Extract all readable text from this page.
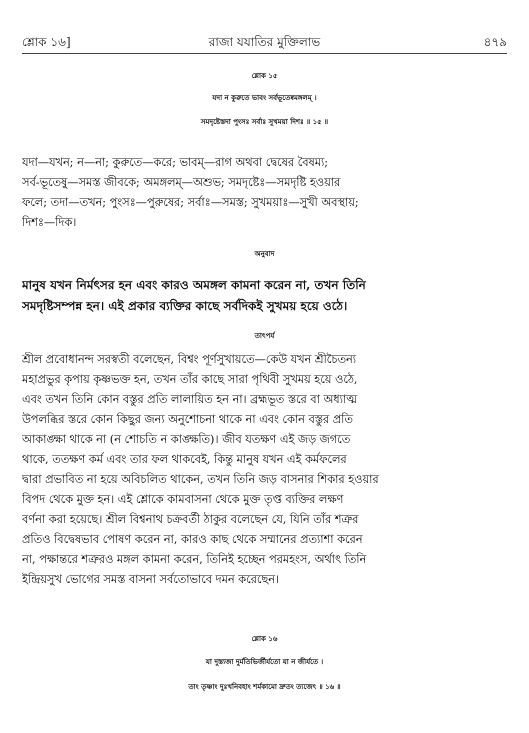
শ্লোক ১৬]	রাজা যযাতির মুক্তিলাভ	৪৭৯
শ্লোক ১৫
যদা ন কুরুতে ভাবং সর্বভূতেষ্বমঙ্গলম্‌ ।
সমদৃষ্টেস্তদা পুংসঃ সর্বাঃ সুখময়া দিশঃ ॥ ১৫ ॥
যদা—যখন; ন—না; কুরুতে—করে; ভাবম্‌—রাগ অথবা দ্বেষের বৈষম্য;
সর্ব-ভূতেষু—সমস্ত জীবকে; অমঙ্গলম্‌—অশুভ; সমদৃষ্টেঃ—সমদৃষ্টি হওয়ার
ফলে; তদা—তখন; পুংসঃ—পুরুষের; সর্বাঃ—সমস্ত; সুখময়াঃ—সুখী অবস্থায়;
দিশঃ—দিক।
অনুবাদ
মানুষ যখন নির্মৎসর হন এবং কারও অমঙ্গল কামনা করেন না, তখন তিনি
সমদৃষ্টিসম্পন্ন হন। এই প্রকার ব্যক্তির কাছে সর্বদিকই সুখময় হয়ে ওঠে।
তাৎপর্য
শ্রীল প্রবোধানন্দ সরস্বতী বলেছেন, বিশ্বং পূর্ণসুখায়তে—কেউ যখন শ্রীচৈতন্য
মহাপ্রভুর কৃপায় কৃষ্ণভক্ত হন, তখন তাঁর কাছে সারা পৃথিবী সুখময় হয়ে ওঠে,
এবং তখন তিনি কোন বস্তুর প্রতি লালায়িত হন না। ব্রহ্মভূত স্তরে বা অধ্যাত্ম
উপলব্ধির স্তরে কোন কিছুর জন্য অনুশোচনা থাকে না এবং কোন বস্তুর প্রতি
আকাঙ্ক্ষা থাকে না (ন শোচতি ন কাঙ্ক্ষতি)। জীব যতক্ষণ এই জড় জগতে
থাকে, ততক্ষণ কর্ম এবং তার ফল থাকবেই, কিন্তু মানুষ যখন এই কর্মফলের
দ্বারা প্রভাবিত না হয়ে অবিচলিত থাকেন, তখন তিনি জড় বাসনার শিকার হওয়ার
বিপদ থেকে মুক্ত হন। এই শ্লোকে কামবাসনা থেকে মুক্ত তৃপ্ত ব্যক্তির লক্ষণ
বর্ণনা করা হয়েছে। শ্রীল বিশ্বনাথ চক্রবর্তী ঠাকুর বলেছেন যে, যিনি তাঁর শত্রুর
প্রতিও বিদ্বেষভাব পোষণ করেন না, কারও কাছ থেকে সম্মানের প্রত্যাশা করেন
না, পক্ষান্তরে শত্রুরও মঙ্গল কামনা করেন, তিনিই হচ্ছেন পরমহংস, অর্থাৎ তিনি
ইন্দ্রিয়সুখ ভোগের সমস্ত বাসনা সর্বতোভাবে দমন করেছেন।
শ্লোক ১৬
যা দুস্ত্যজা দুর্মতিভির্জীর্যতো যা ন জীর্যতে ।
তাং তৃষ্ণাং দুঃখনিবহাং শর্মকামো দ্রুতং ত্যজেৎ ॥ ১৬ ॥
